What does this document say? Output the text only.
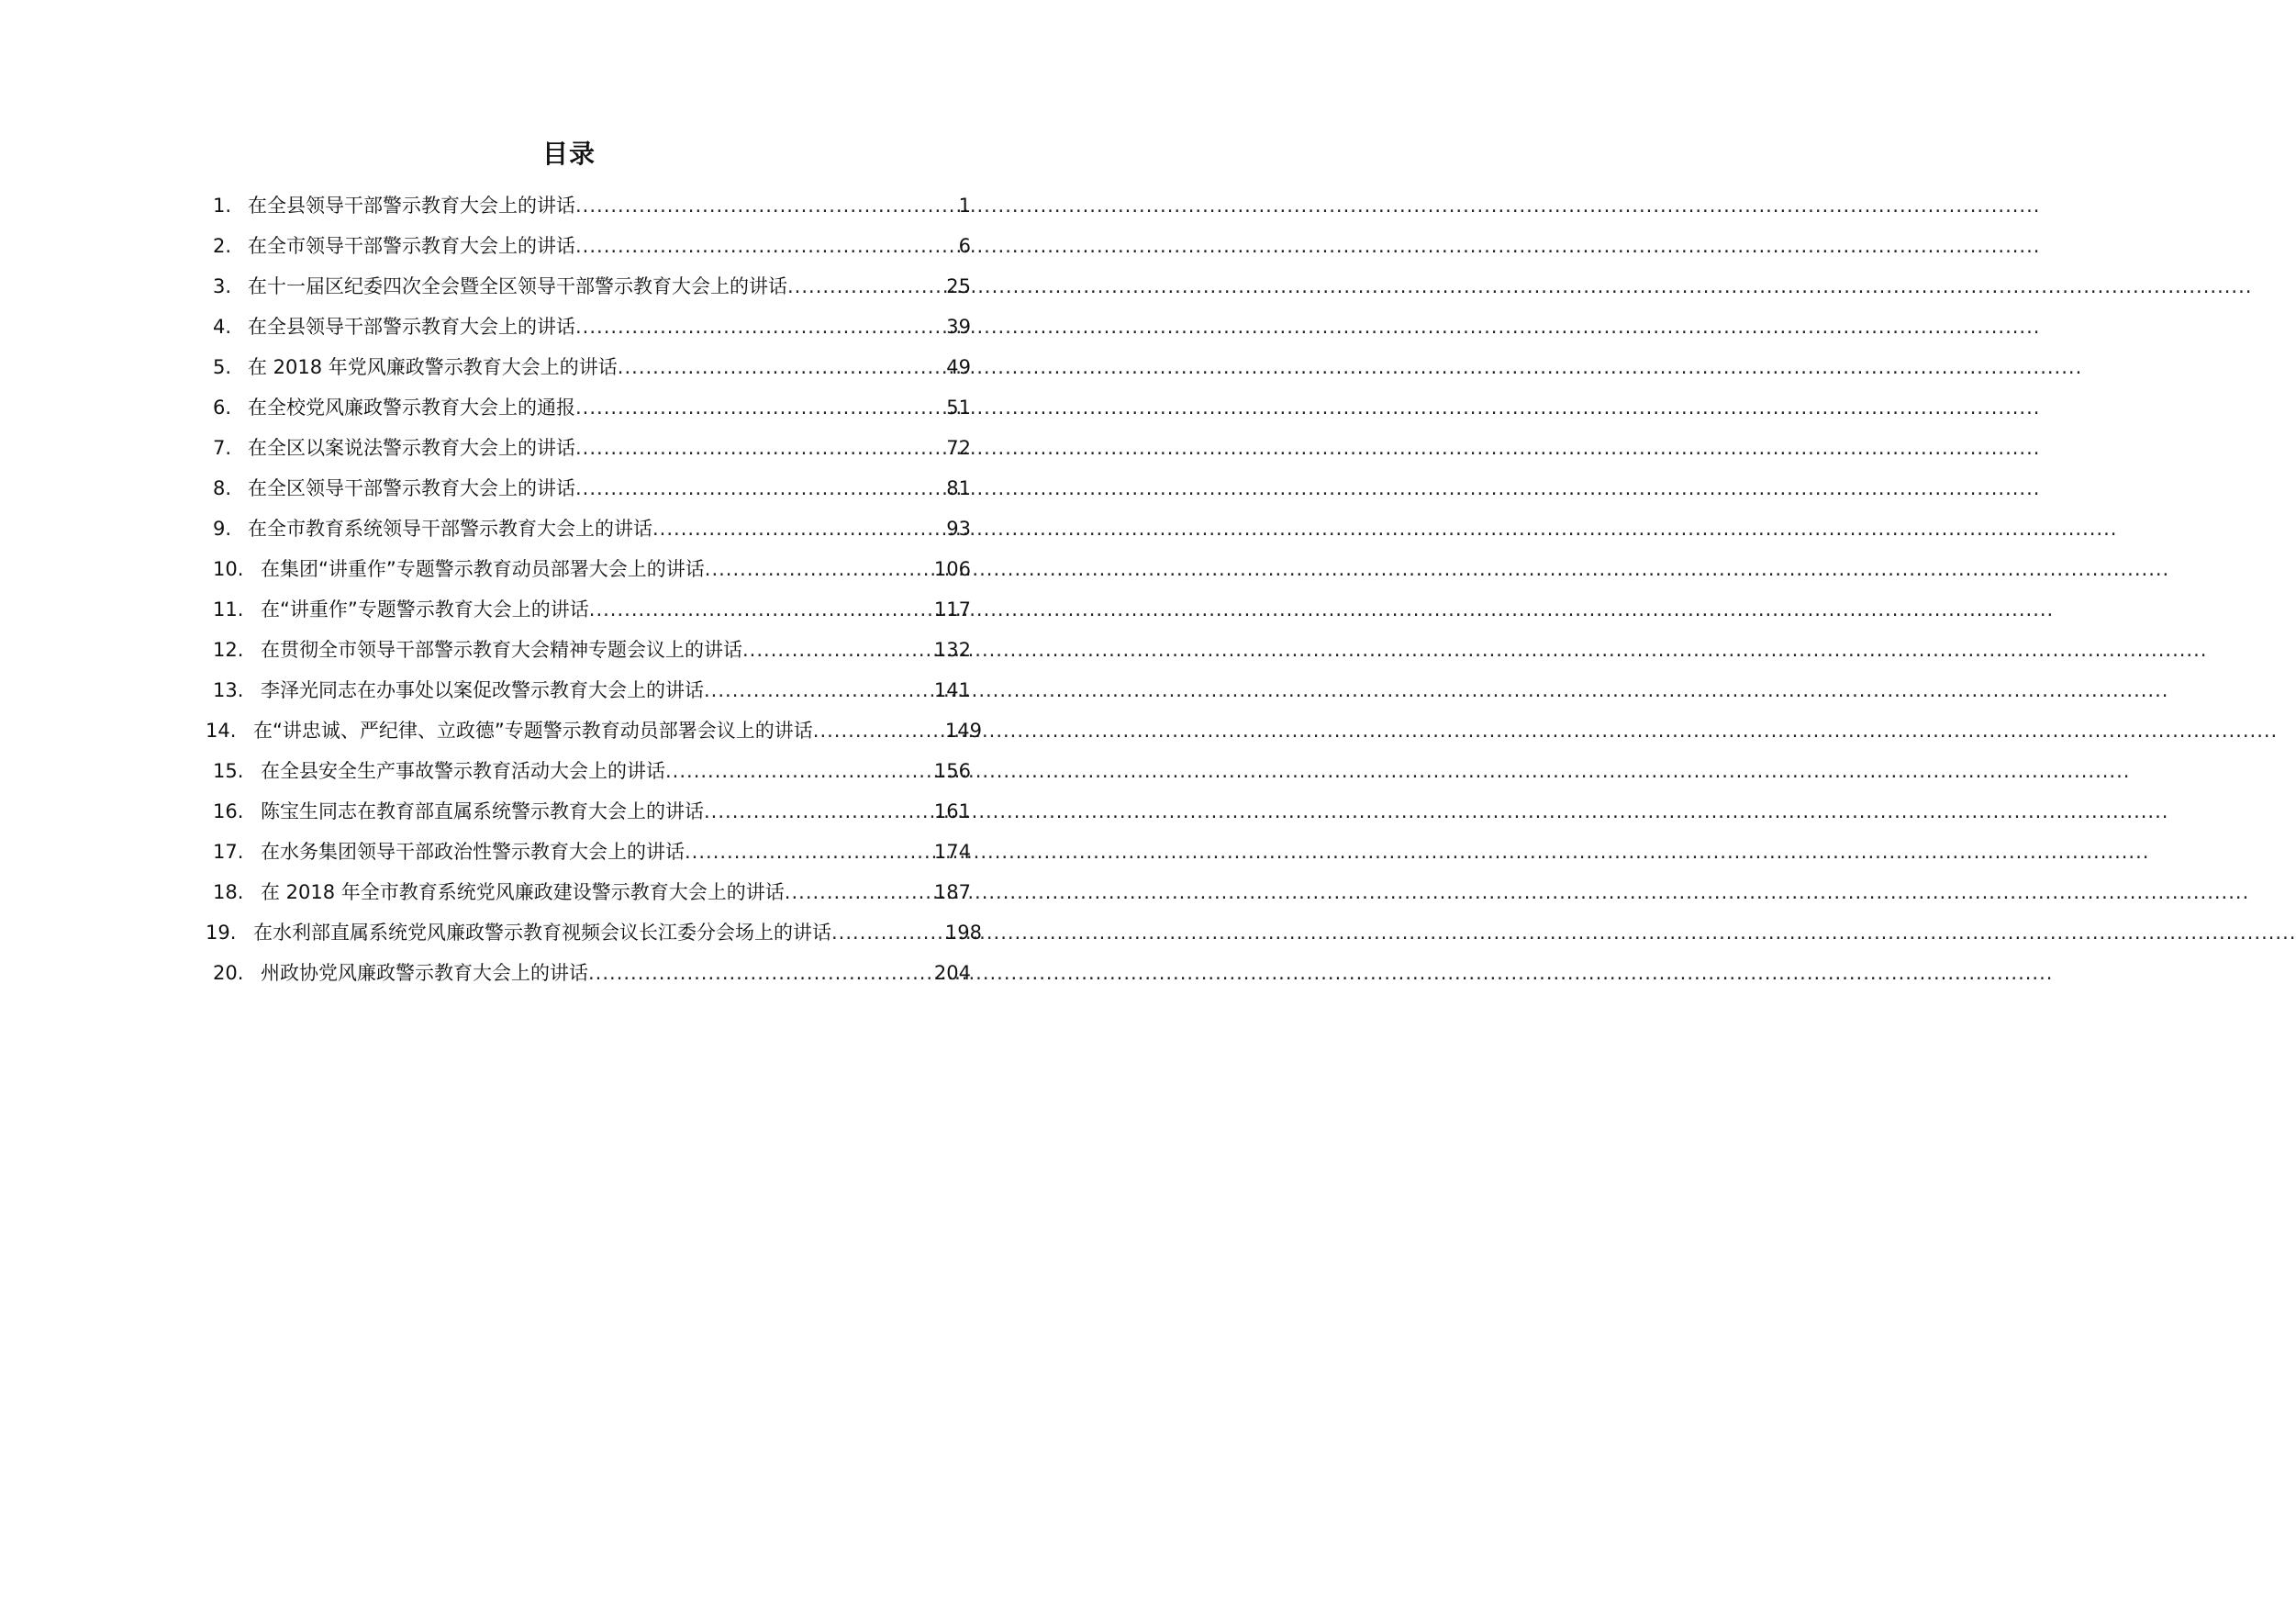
目录
1. 在全县领导干部警示教育大会上的讲话 .....	1
2. 在全市领导干部警示教育大会上的讲话 .....	6
3. 在十一届区纪委四次全会暨全区领导干部警示教育大会上的讲话 .....	25
4. 在全县领导干部警示教育大会上的讲话 .....	39
5. 在 2018 年党风廉政警示教育大会上的讲话 .....	49
6. 在全校党风廉政警示教育大会上的通报 .....	51
7. 在全区以案说法警示教育大会上的讲话 .....	72
8. 在全区领导干部警示教育大会上的讲话 .....	81
9. 在全市教育系统领导干部警示教育大会上的讲话 .....	93
10. 在集团“讲重作”专题警示教育动员部署大会上的讲话 .....	106
11. 在“讲重作”专题警示教育大会上的讲话 .....	117
12. 在贯彻全市领导干部警示教育大会精神专题会议上的讲话 .....	132
13. 李泽光同志在办事处以案促改警示教育大会上的讲话 .....	141
14. 在“讲忠诚、严纪律、立政德”专题警示教育动员部署会议上的讲话 .....	149
15. 在全县安全生产事故警示教育活动大会上的讲话 .....	156
16. 陈宝生同志在教育部直属系统警示教育大会上的讲话 .....	161
17. 在水务集团领导干部政治性警示教育大会上的讲话 .....	174
18. 在 2018 年全市教育系统党风廉政建设警示教育大会上的讲话 .....	187
19. 在水利部直属系统党风廉政警示教育视频会议长江委分会场上的讲话 .....	198
20. 州政协党风廉政警示教育大会上的讲话 .....	204
